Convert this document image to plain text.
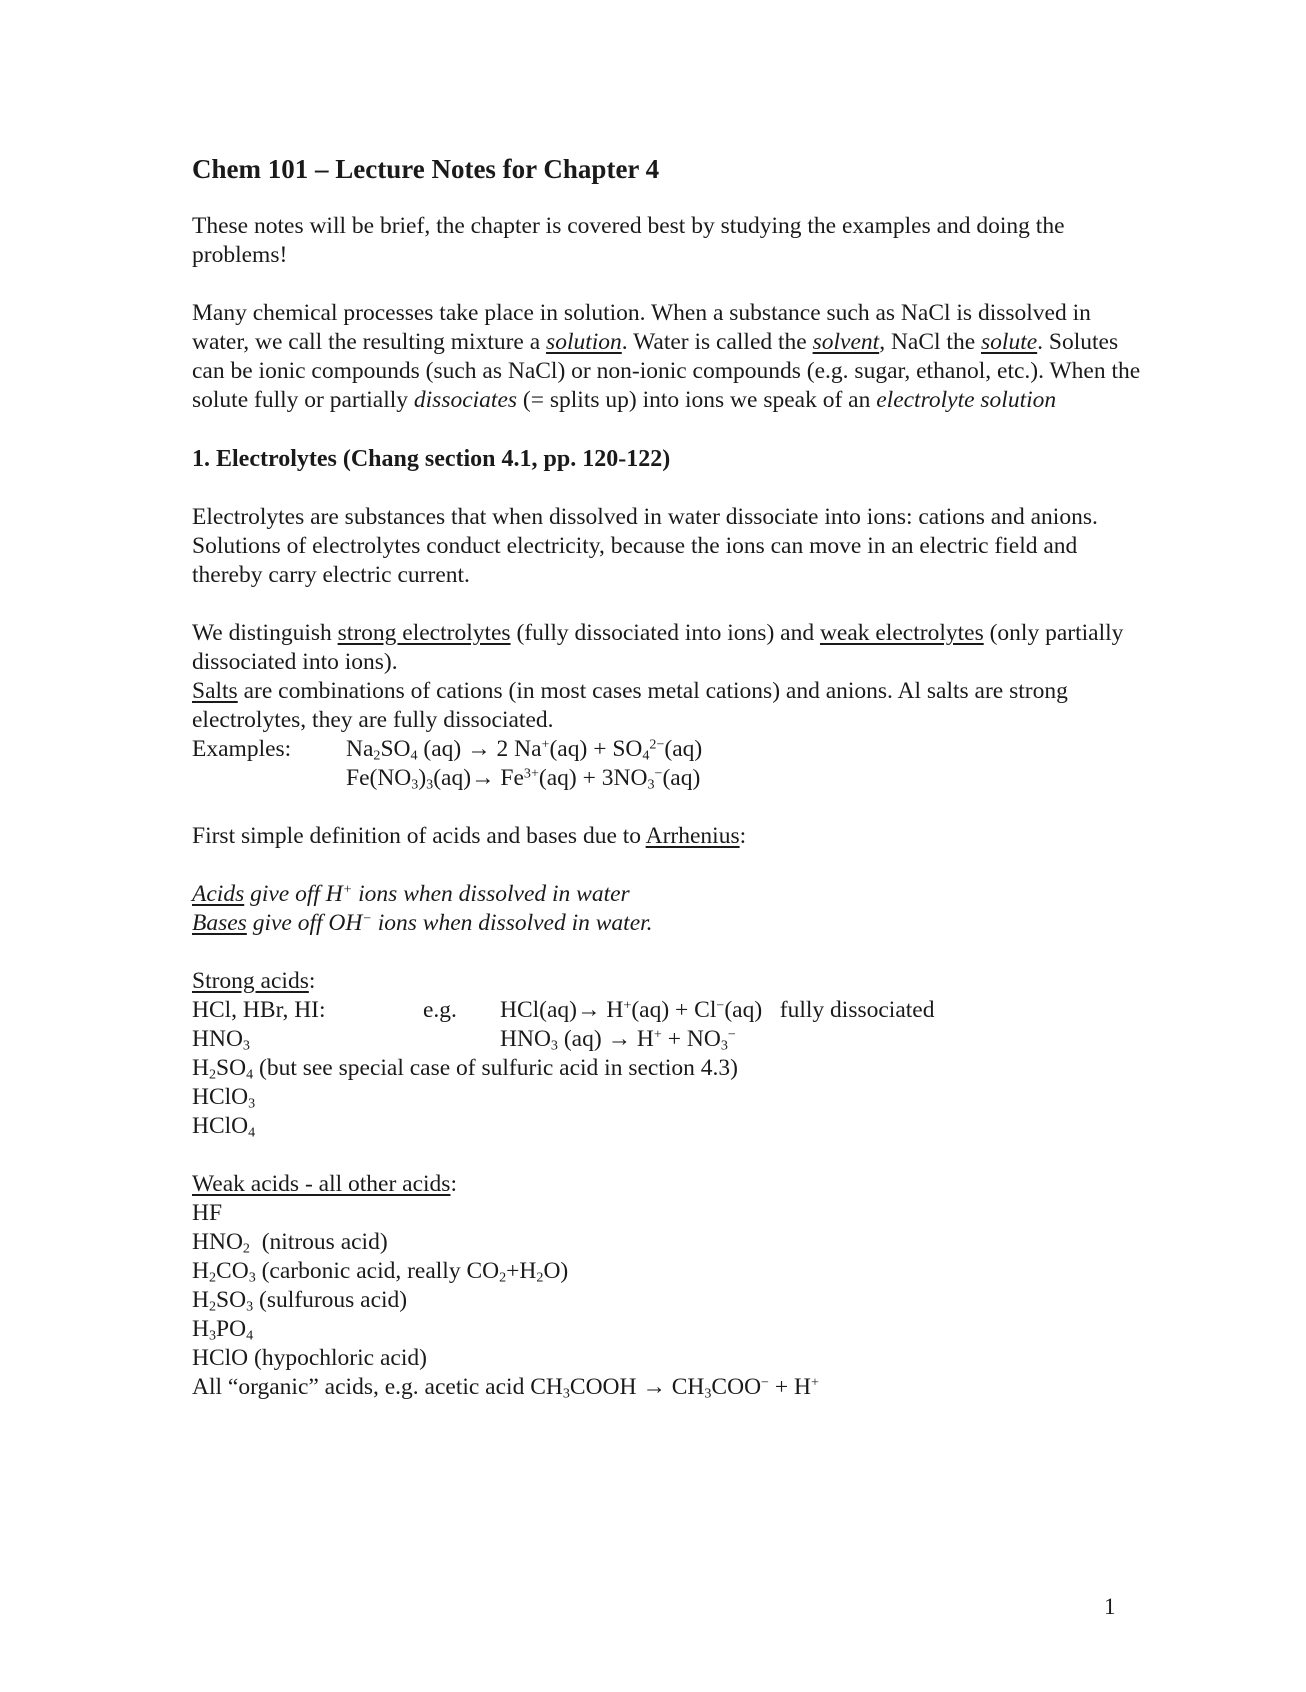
Chem 101 – Lecture Notes for Chapter 4

These notes will be brief, the chapter is covered best by studying the examples and doing the problems!

Many chemical processes take place in solution. When a substance such as NaCl is dissolved in water, we call the resulting mixture a solution. Water is called the solvent, NaCl the solute. Solutes can be ionic compounds (such as NaCl) or non-ionic compounds (e.g. sugar, ethanol, etc.). When the solute fully or partially dissociates (= splits up) into ions we speak of an electrolyte solution

1. Electrolytes (Chang section 4.1, pp. 120-122)

Electrolytes are substances that when dissolved in water dissociate into ions: cations and anions. Solutions of electrolytes conduct electricity, because the ions can move in an electric field and thereby carry electric current.

We distinguish strong electrolytes (fully dissociated into ions) and weak electrolytes (only partially dissociated into ions).

Salts are combinations of cations (in most cases metal cations) and anions. Al salts are strong electrolytes, they are fully dissociated.

Examples:	$Na_2SO_4$ (aq) → 2 $Na^+(aq) + SO_4^{2-}(aq)$
$Fe(NO_3)_3(aq)\to Fe^{3+}(aq) + 3NO_3^-(aq)$

First simple definition of acids and bases due to Arrhenius:

Acids give off H+ ions when dissolved in water

Bases give off OH− ions when dissolved in water.

Strong acids:

HCl, HBr, HI:	e.g.	HCl(aq)→ H+(aq) + Cl−(aq) fully dissociated
$HNO_3$	$HNO_3$ $(aq) \to H^+ + NO_3^-$

$H_2SO_4$ (but see special case of sulfuric acid in section 4.3)

HClO$_3$

HClO$_4$

Weak acids - all other acids:

HF

$HNO_2$ (nitrous acid)

$H_2CO_3$ (carbonic acid, really $CO_2+H_2O$)

$H_2SO_3$ (sulfurous acid)

$H_3PO_4$

HClO (hypochloric acid)

All “organic” acids, e.g. acetic acid $CH_3COOH \to CH_3COO^- + H^+$

1
